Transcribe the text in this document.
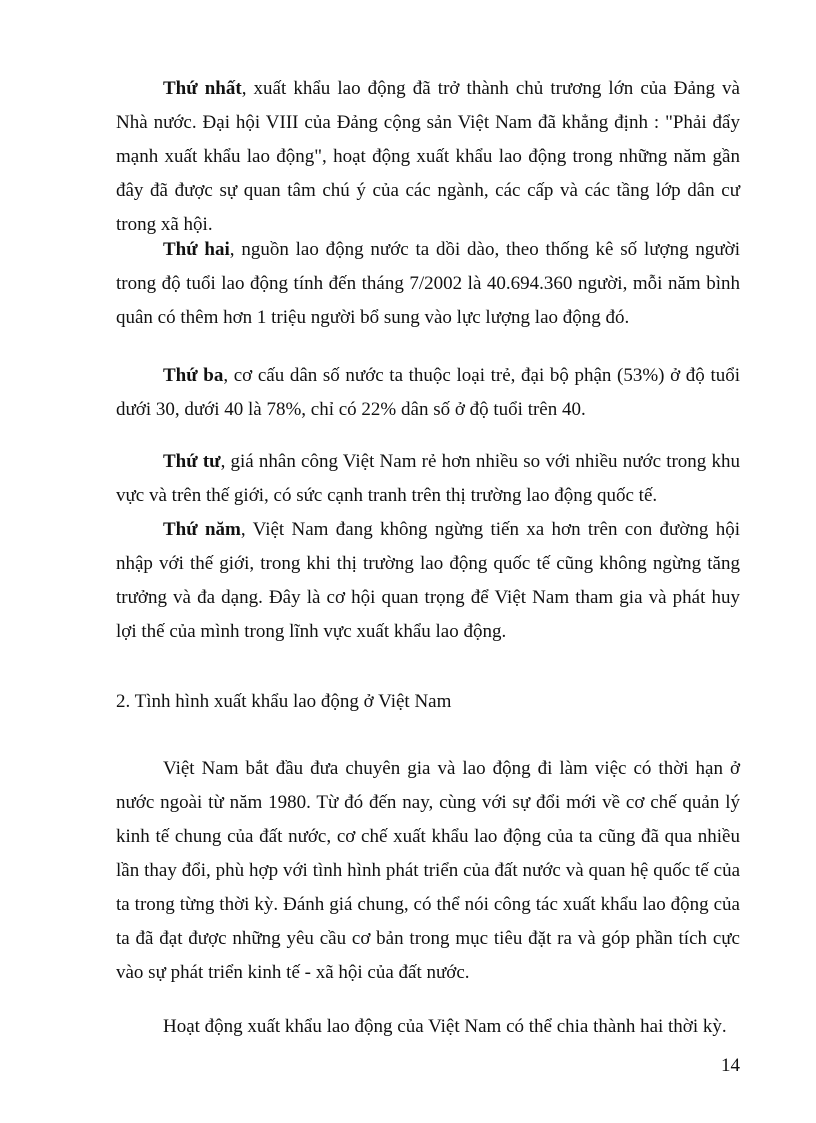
Thứ nhất, xuất khẩu lao động đã trở thành chủ trương lớn của Đảng và Nhà nước. Đại hội VIII của Đảng cộng sản Việt Nam đã khẳng định : "Phải đẩy mạnh xuất khẩu lao động", hoạt động xuất khẩu lao động trong những năm gần đây đã được sự quan tâm chú ý của các ngành, các cấp và các tầng lớp dân cư trong xã hội.

Thứ hai, nguồn lao động nước ta dồi dào, theo thống kê số lượng người trong độ tuổi lao động tính đến tháng 7/2002 là 40.694.360 người, mỗi năm bình quân có thêm hơn 1 triệu người bổ sung vào lực lượng lao động đó.

Thứ ba, cơ cấu dân số nước ta thuộc loại trẻ, đại bộ phận (53%) ở độ tuổi dưới 30, dưới 40 là 78%, chỉ có 22% dân số ở độ tuổi trên 40.

Thứ tư, giá nhân công Việt Nam rẻ hơn nhiều so với nhiều nước trong khu vực và trên thế giới, có sức cạnh tranh trên thị trường lao động quốc tế.

Thứ năm, Việt Nam đang không ngừng tiến xa hơn trên con đường hội nhập với thế giới, trong khi thị trường lao động quốc tế cũng không ngừng tăng trưởng và đa dạng. Đây là cơ hội quan trọng để Việt Nam tham gia và phát huy lợi thế của mình trong lĩnh vực xuất khẩu lao động.

2. Tình hình xuất khẩu lao động ở Việt Nam

Việt Nam bắt đầu đưa chuyên gia và lao động đi làm việc có thời hạn ở nước ngoài từ năm 1980. Từ đó đến nay, cùng với sự đổi mới về cơ chế quản lý kinh tế chung của đất nước, cơ chế xuất khẩu lao động của ta cũng đã qua nhiều lần thay đổi, phù hợp với tình hình phát triển của đất nước và quan hệ quốc tế của ta trong từng thời kỳ. Đánh giá chung, có thể nói công tác xuất khẩu lao động của ta đã đạt được những yêu cầu cơ bản trong mục tiêu đặt ra và góp phần tích cực vào sự phát triển kinh tế - xã hội của đất nước.

Hoạt động xuất khẩu lao động của Việt Nam có thể chia thành hai thời kỳ.

14
